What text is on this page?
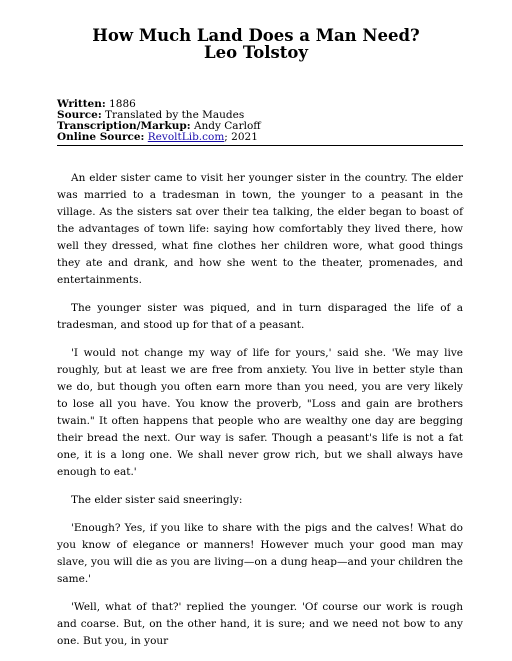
How Much Land Does a Man Need?
Leo Tolstoy
Written: 1886
Source: Translated by the Maudes
Transcription/Markup: Andy Carloff
Online Source: RevoltLib.com; 2021

An elder sister came to visit her younger sister in the country. The elder was married to a tradesman in town, the younger to a peasant in the village. As the sisters sat over their tea talking, the elder began to boast of the advantages of town life: saying how comfortably they lived there, how well they dressed, what fine clothes her children wore, what good things they ate and drank, and how she went to the theater, promenades, and entertainments.

The younger sister was piqued, and in turn disparaged the life of a tradesman, and stood up for that of a peasant.

'I would not change my way of life for yours,' said she. 'We may live roughly, but at least we are free from anxiety. You live in better style than we do, but though you often earn more than you need, you are very likely to lose all you have. You know the proverb, "Loss and gain are brothers twain." It often happens that people who are wealthy one day are begging their bread the next. Our way is safer. Though a peasant's life is not a fat one, it is a long one. We shall never grow rich, but we shall always have enough to eat.'

The elder sister said sneeringly:

'Enough? Yes, if you like to share with the pigs and the calves! What do you know of elegance or manners! However much your good man may slave, you will die as you are living—on a dung heap—and your children the same.'

'Well, what of that?' replied the younger. 'Of course our work is rough and coarse. But, on the other hand, it is sure; and we need not bow to any one. But you, in your
